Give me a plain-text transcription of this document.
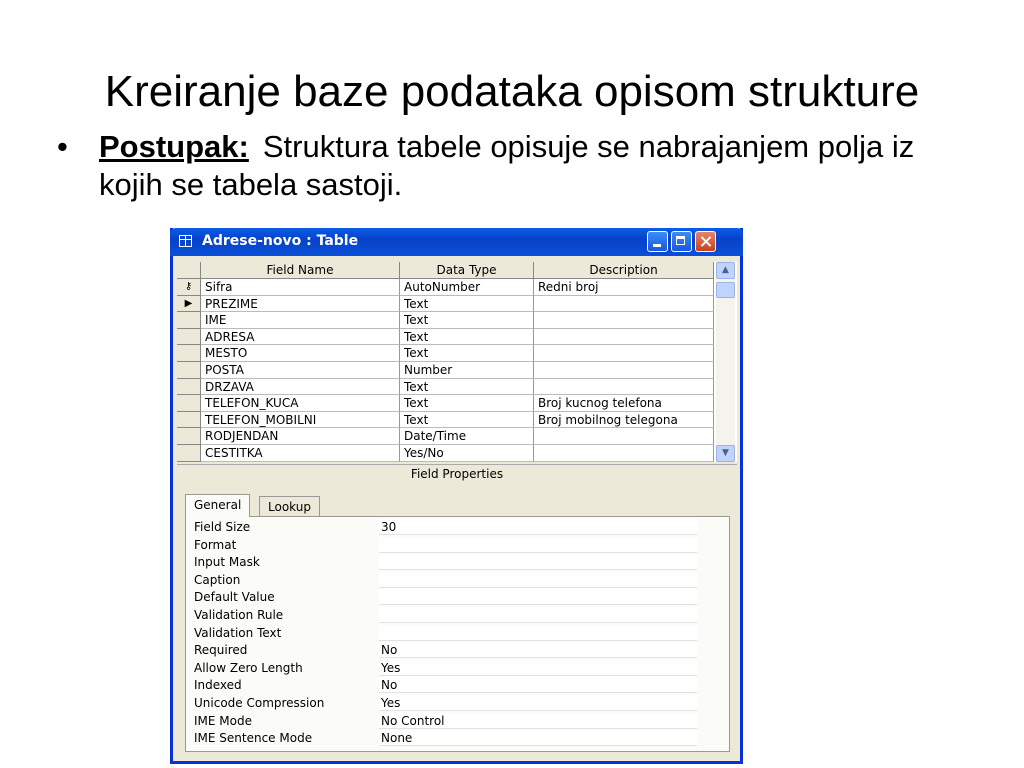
Kreiranje baze podataka opisom strukture
• Postupak: Struktura tabele opisuje se nabrajanjem polja iz kojih se tabela sastoji.
Adrese-novo : Table
Field Name	Data Type	Description
⚷	Sifra	AutoNumber	Redni broj
▶	PREZIME	Text
IME	Text
ADRESA	Text
MESTO	Text
POSTA	Number
DRZAVA	Text
TELEFON_KUCA	Text	Broj kucnog telefona
TELEFON_MOBILNI	Text	Broj mobilnog telegona
RODJENDAN	Date/Time
CESTITKA	Yes/No
▲
▼
Field Properties
General	Lookup
Field Size	30
Format
Input Mask
Caption
Default Value
Validation Rule
Validation Text
Required	No
Allow Zero Length	Yes
Indexed	No
Unicode Compression	Yes
IME Mode	No Control
IME Sentence Mode	None
